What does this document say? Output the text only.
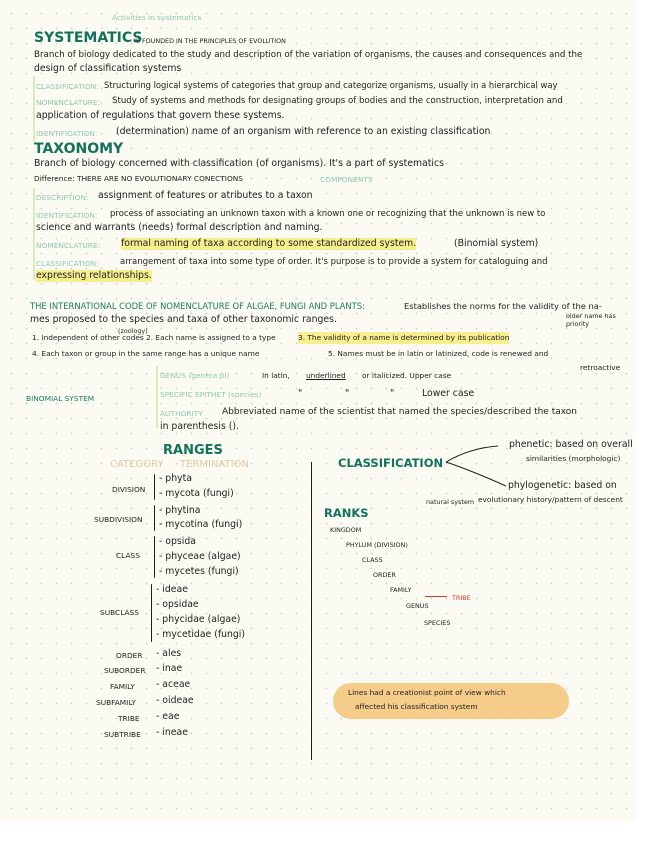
Activities in systematics
SYSTEMATICS
IS FOUNDED IN THE PRINCIPLES OF EVOLUTION
Branch of biology dedicated to the study and description of the variation of organisms, the causes and consequences and the
design of classification systems
CLASSIFICATION: Structuring logical systems of categories that group and categorize organisms, usually in a hierarchical way
NOMENCLATURE: Study of systems and methods for designating groups of bodies and the construction, interpretation and
application of regulations that govern these systems.
IDENTIFICATION: (determination) name of an organism with reference to an existing classification
TAXONOMY
Branch of biology concerned with classification (of organisms). It's a part of systematics
Difference: THERE ARE NO EVOLUTIONARY CONECTIONS	COMPONENTS
DESCRIPTION: assignment of features or atributes to a taxon
IDENTIFICATION: process of associating an unknown taxon with a known one or recognizing that the unknown is new to
science and warrants (needs) formal description and naming.
NOMENCLATURE: formal naming of taxa according to some standardized system.	(Binomial system)
CLASSIFICATION:	arrangement of taxa into some type of order. It's purpose is to provide a system for cataloguing and
expressing relationships.
THE INTERNATIONAL CODE OF NOMENCLATURE OF ALGAE, FUNGI AND PLANTS:	Establishes the norms for the validity of the na-
mes proposed to the species and taxa of other taxonomic ranges.	older name has priority
1. Independent of other codes
(zoology)
2. Each name is assigned to a type	3. The validity of a name is determined by its publication
4. Each taxon or group in the same range has a unique name	5. Names must be in latin or latinized, code is renewed and
retroactive
BINOMIAL SYSTEM
GENUS (genera pl)	In latin, underlined or italicized. Upper case
SPECIFIC EPITHET (species)	"	"	"	Lower case
AUTHORITY Abbreviated name of the scientist that named the species/described the taxon
in parenthesis ().
RANGES
CATEGORY TERMINATION
DIVISION
- phyta
- mycota (fungi)
SUBDIVISION
- phytina
- mycotina (fungi)
CLASS
- opsida
- phyceae (algae)
- mycetes (fungi)
SUBCLASS
- ideae
- opsidae
- phycidae (algae)
- mycetidae (fungi)
ORDER - ales
SUBORDER - inae
FAMILY - aceae
SUBFAMILY - oideae
TRIBE - eae
SUBTRIBE - ineae
CLASSIFICATION
phenetic: based on overall
similarities (morphologic)
phylogenetic: based on
natural system evolutionary history/pattern of descent
RANKS
KINGDOM
PHYLUM (DIVISION)
CLASS
ORDER
FAMILY
TRIBE
GENUS
SPECIES
Lines had a creationist point of view which
affected his classification system
